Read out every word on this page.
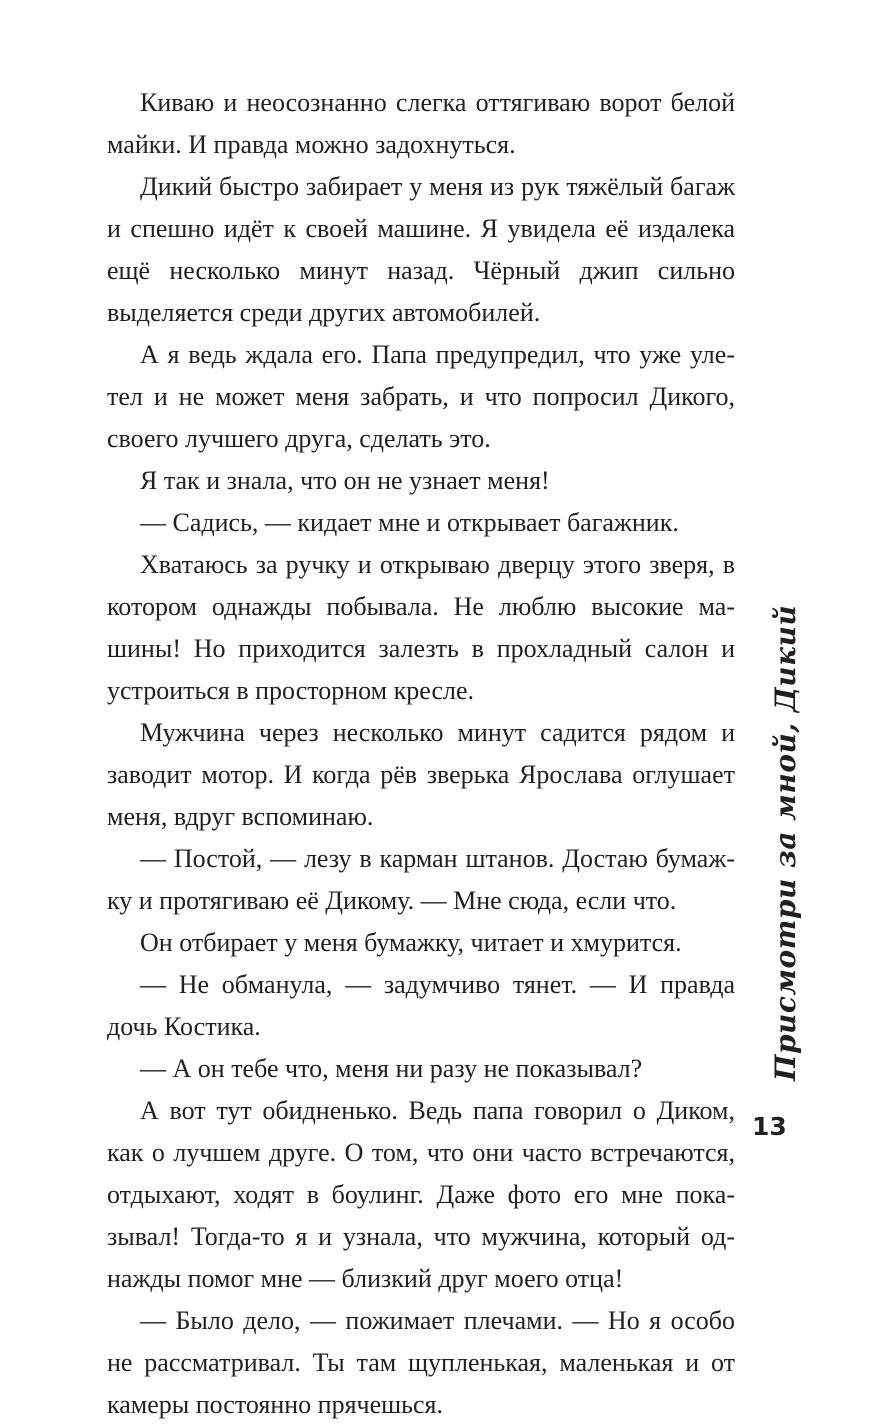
Киваю и неосознанно слегка оттягиваю ворот белой майки. И правда можно задохнуться.

Дикий быстро забирает у меня из рук тяжёлый багаж и спешно идёт к своей машине. Я увидела её издалека ещё несколько минут назад. Чёрный джип сильно выделяется среди других автомобилей.

А я ведь ждала его. Папа предупредил, что уже улетел и не может меня забрать, и что попросил Дикого, своего лучшего друга, сделать это.

Я так и знала, что он не узнает меня!

— Садись, — кидает мне и открывает багажник.

Хватаюсь за ручку и открываю дверцу этого зверя, в котором однажды побывала. Не люблю высокие машины! Но приходится залезть в прохладный салон и устроиться в просторном кресле.

Мужчина через несколько минут садится рядом и заводит мотор. И когда рёв зверька Ярослава оглушает меня, вдруг вспоминаю.

— Постой, — лезу в карман штанов. Достаю бумажку и протягиваю её Дикому. — Мне сюда, если что.

Он отбирает у меня бумажку, читает и хмурится.

— Не обманула, — задумчиво тянет. — И правда дочь Костика.

— А он тебе что, меня ни разу не показывал?

А вот тут обидненько. Ведь папа говорил о Диком, как о лучшем друге. О том, что они часто встречаются, отдыхают, ходят в боулинг. Даже фото его мне показывал! Тогда-то я и узнала, что мужчина, который однажды помог мне — близкий друг моего отца!

— Было дело, — пожимает плечами. — Но я особо не рассматривал. Ты там щупленькая, маленькая и от камеры постоянно прячешься.

Присмотри за мной, Дикий
13
